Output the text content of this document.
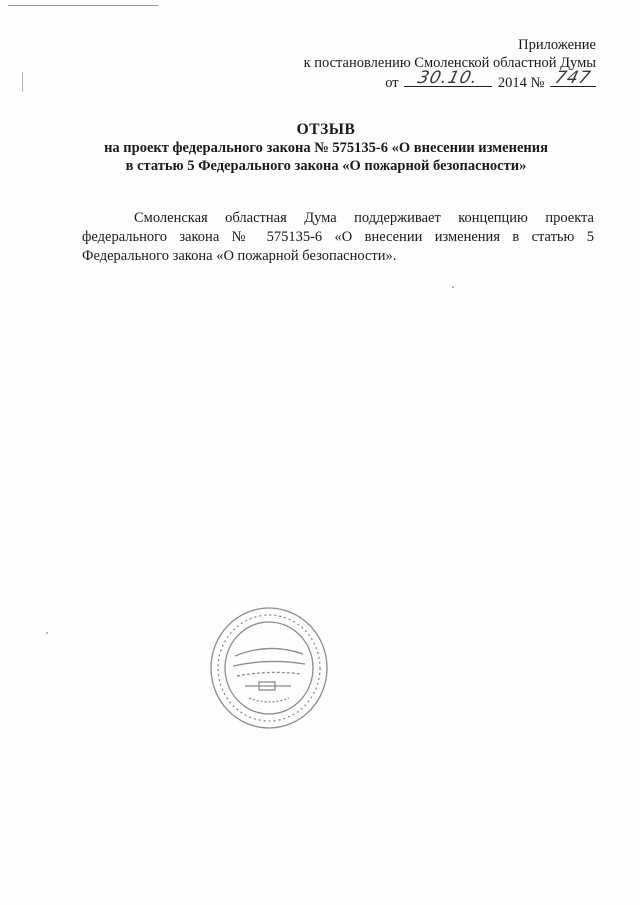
Приложение
к постановлению Смоленской областной Думы
от	30.10.	2014 № 747
ОТЗЫВ
на проект федерального закона № 575135-6 «О внесении изменения
в статью 5 Федерального закона «О пожарной безопасности»
Смоленская областная Дума поддерживает концепцию проекта федерального закона № 575135-6 «О внесении изменения в статью 5 Федерального закона «О пожарной безопасности».
